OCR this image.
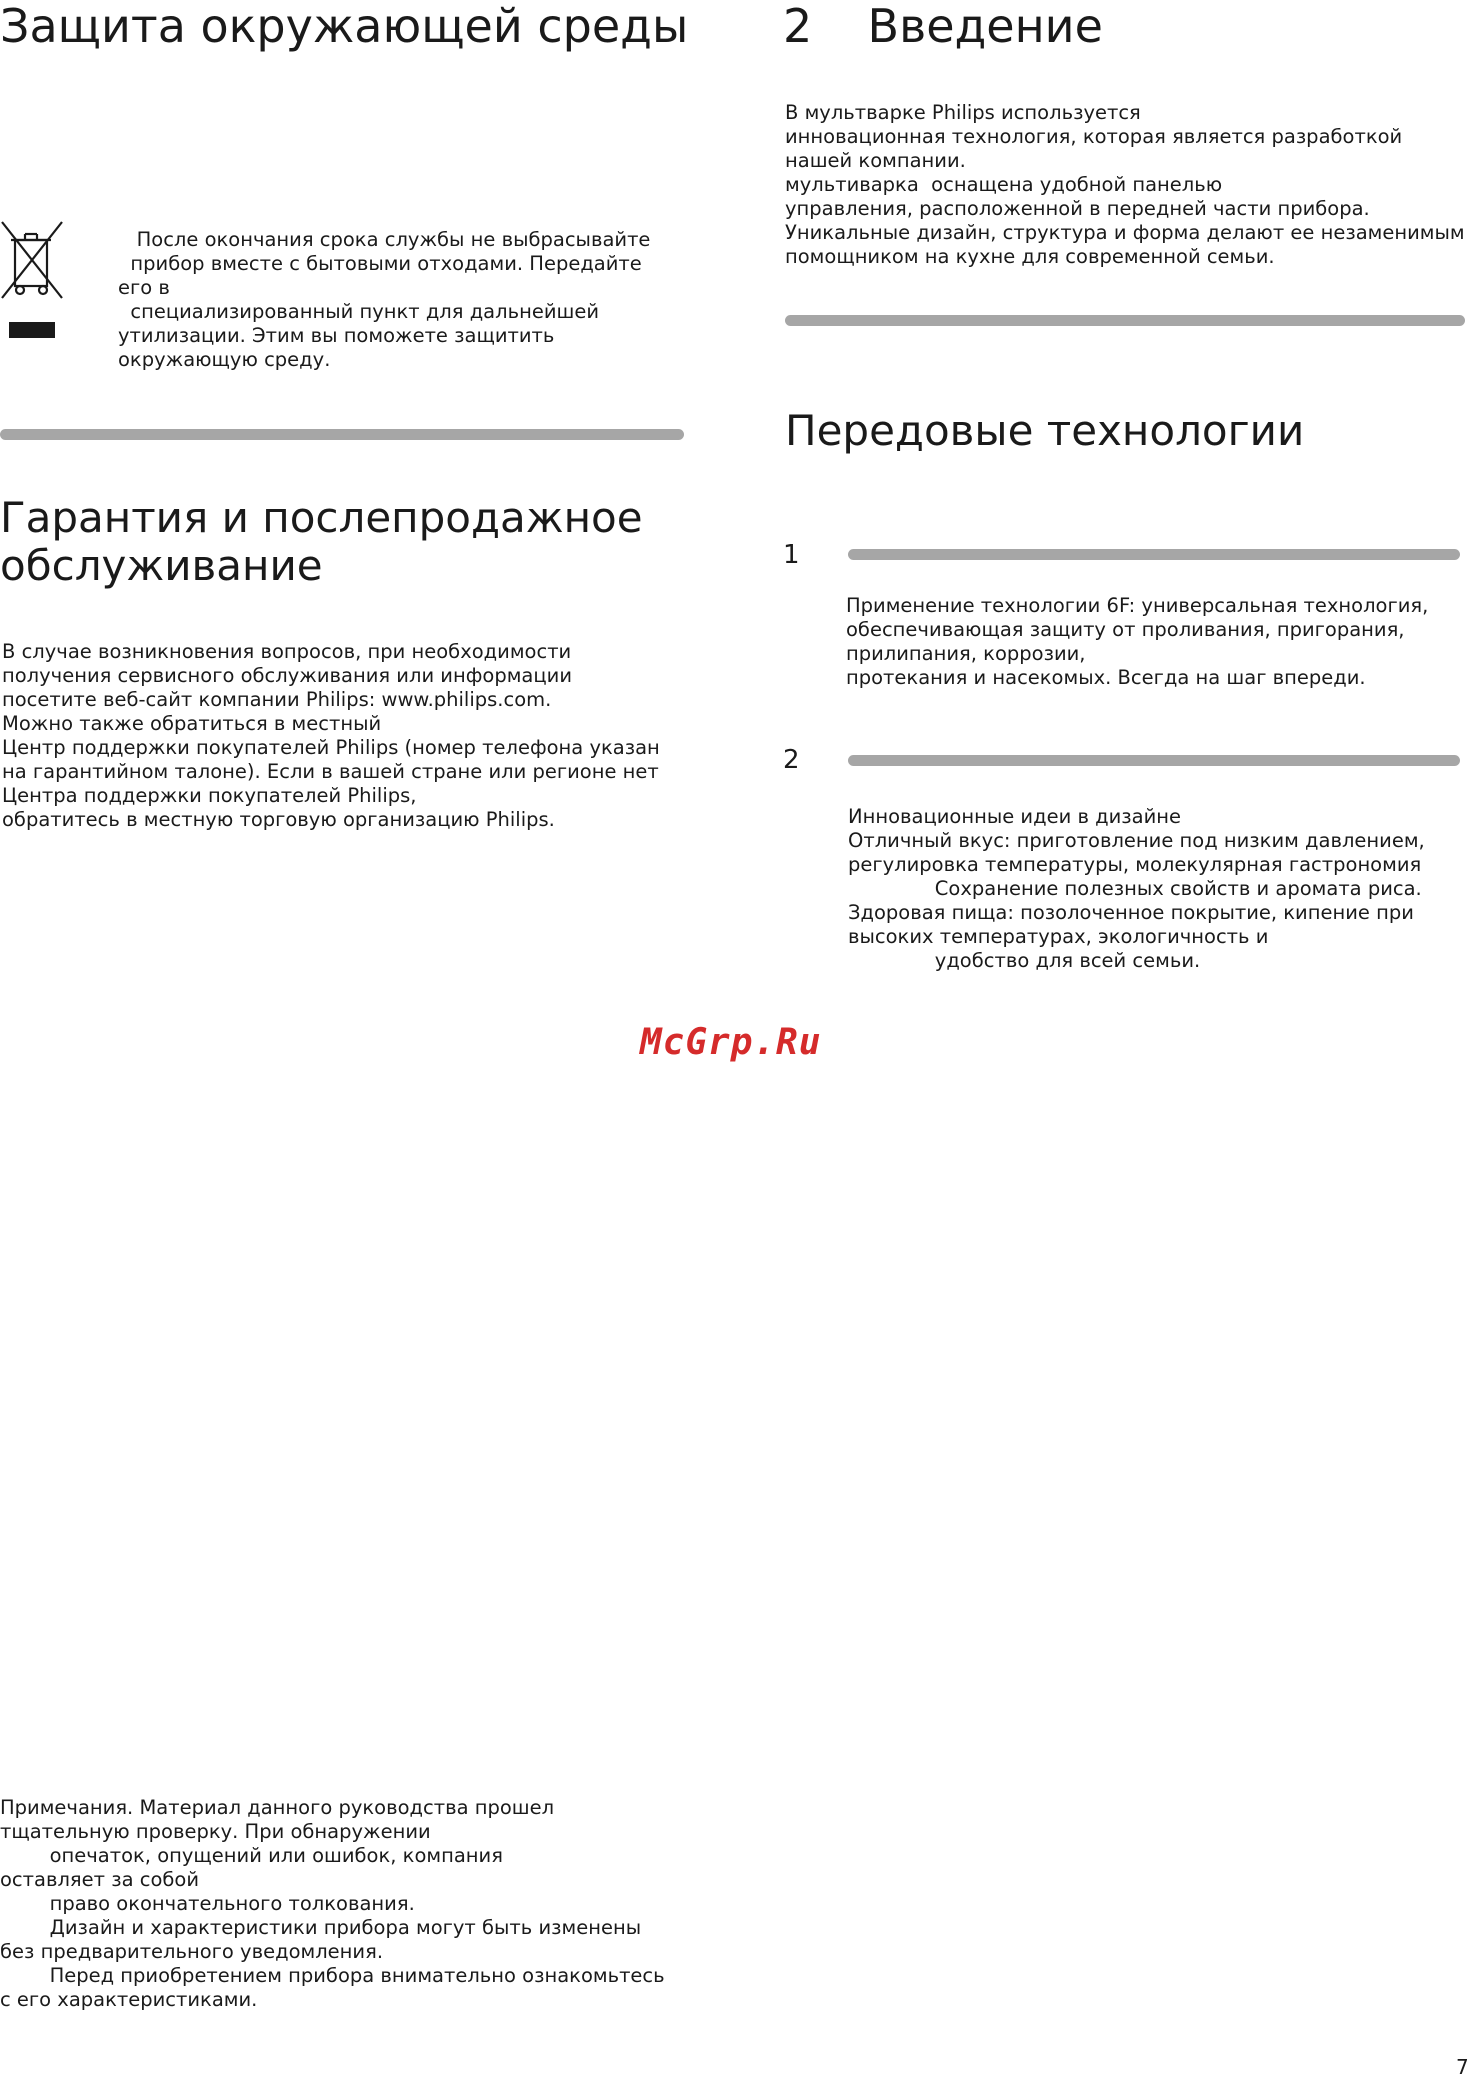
Защита окружающей среды
После окончания срока службы не выбрасывайте
прибор вместе с бытовыми отходами. Передайте
его в
специализированный пункт для дальнейшей
утилизации. Этим вы поможете защитить
окружающую среду.
Гарантия и послепродажное
обслуживание
В случае возникновения вопросов, при необходимости
получения сервисного обслуживания или информации
посетите веб-сайт компании Philips: www.philips.com.
Можно также обратиться в местный
Центр поддержки покупателей Philips (номер телефона указан
на гарантийном талоне). Если в вашей стране или регионе нет
Центра поддержки покупателей Philips,
обратитесь в местную торговую организацию Philips.
Примечания. Материал данного руководства прошел
тщательную проверку. При обнаружении
опечаток, опущений или ошибок, компания
оставляет за собой
право окончательного толкования.
Дизайн и характеристики прибора могут быть изменены
без предварительного уведомления.
Перед приобретением прибора внимательно ознакомьтесь
с его характеристиками.
2 Введение
В мультварке Philips используется
инновационная технология, которая является разработкой
нашей компании.
мультиварка  оснащена удобной панелью
управления, расположенной в передней части прибора.
Уникальные дизайн, структура и форма делают ее незаменимым
помощником на кухне для современной семьи.
Передовые технологии
1
Применение технологии 6F: универсальная технология,
обеспечивающая защиту от проливания, пригорания,
прилипания, коррозии,
протекания и насекомых. Всегда на шаг впереди.
2
Инновационные идеи в дизайне
Отличный вкус: приготовление под низким давлением,
регулировка температуры, молекулярная гастрономия
Сохранение полезных свойств и аромата риса.
Здоровая пища: позолоченное покрытие, кипение при
высоких температурах, экологичность и
удобство для всей семьи.
McGrp.Ru
7
